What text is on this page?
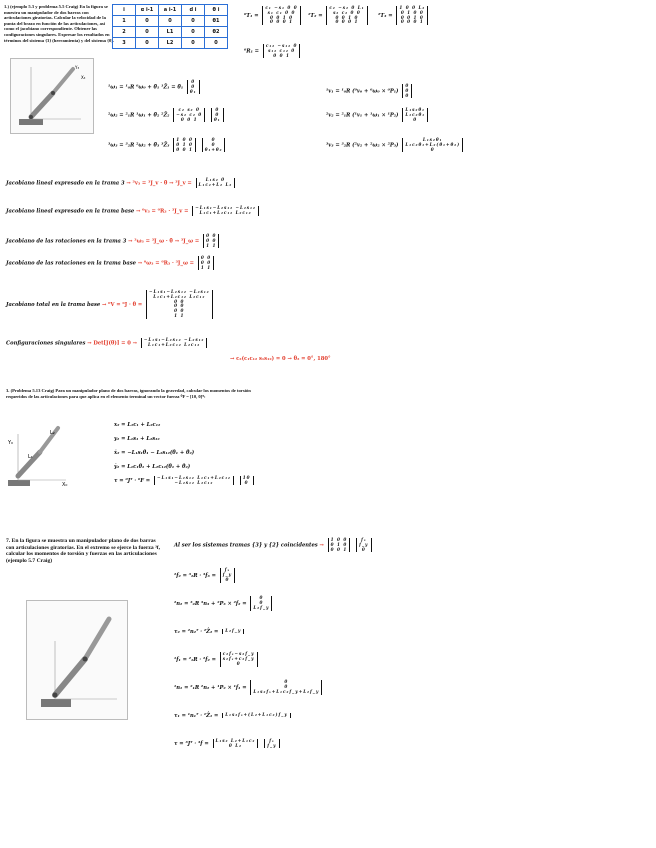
1.) (ejemplo 5.3 y problema 5.5 Craig) En la figura se muestra un manipulador de dos barras con articulaciones giratorias. Calcular la velocidad de la punta del brazo en función de las articulaciones, así como el jacobiano correspondiente. Obtener las configuraciones singulares. Expresar los resultados en términos del sistema {3} (herramienta) y del sistema {0}.
Y₃
X₃
i	α i-1	a i-1	d i	θ i
1	0	0	0	θ1
2	0	L1	0	θ2
3	0	L2	0	0
⁰T₁ =
c₁ −s₁ 0 0
s₁ c₁ 0 0
0 0 1 0
0 0 0 1
¹T₂ =
c₂ −s₂ 0 L₁
s₂ c₂ 0 0
0 0 1 0
0 0 0 1
²T₃ =
1 0 0 L₂
0 1 0 0
0 0 1 0
0 0 0 1
⁰R₁ =
c₁₂ −s₁₂ 0
s₁₂ c₁₂ 0
0 0 1
¹ω₁ = ¹₀R ⁰ω₀ + θ̇₁ ¹Ẑ₁ = θ̇₁
0
0
θ̇₁
²ω₂ = ²₁R ¹ω₁ + θ̇₂ ²Ẑ₂
c₂ s₂ 0
−s₂ c₂ 0
0 0 1

0
0
θ̇₁
³ω₃ = ³₂R ²ω₂ + θ̇₃ ³Ẑ₃
1 0 0
0 1 0
0 0 1

0
0
θ̇₁+θ̇₂
¹v₁ = ¹₀R (⁰v₀ + ⁰ω₀ × ⁰P₁)
0
0
0
²v₂ = ²₁R (¹v₁ + ¹ω₁ × ¹P₂)
L₁s₂θ̇₁
L₁c₂θ̇₁
0
³v₃ = ³₂R (²v₂ + ²ω₂ × ²P₃)
L₁s₂θ̇₁
L₁c₂θ̇₁+L₂(θ̇₁+θ̇₂)
0
Jacobiano lineal expresado en la trama 3 → ³v₃ = ³J_v · θ̇ → ³J_v =
L₁s₂ 0
L₁c₂+L₂ L₂
Jacobiano lineal expresado en la trama base → ⁰v₃ = ⁰R₃ · ³J_v =
−L₁s₁−L₂s₁₂ −L₂s₁₂
L₁c₁+L₂c₁₂ L₂c₁₂
Jacobiano de las rotaciones en la trama 3 → ³ω₃ = ³J_ω · θ̇ → ³J_ω =
0 0
0 0
1 1
Jacobiano de las rotaciones en la trama base → ⁰ω₃ = ⁰R₃ · ³J_ω =
0 0
0 0
1 1
Jacobiano total en la trama base → ⁰V = ⁰J · θ̇ =
−L₁s₁−L₂s₁₂ −L₂s₁₂
L₁c₁+L₂c₁₂ L₂c₁₂
0 0
0 0
0 0
1 1
Configuraciones singulares → Det[J(θ)] = 0 →
−L₁s₁−L₂s₁₂ −L₂s₁₂
L₁c₁+L₂c₁₂ L₂c₁₂
→ c₂(c₁c₁₂ s₁s₁₂) = 0 → θ₂ = 0°, 180°
3. (Problema 5.13 Craig) Para un manipulador plano de dos barras, ignorando la gravedad, calcular los momentos de torsión requeridos de las articulaciones para que aplica en el elemento terminal un vector fuerza ⁰F = [10, 0]ᵀ:
Y₀
X₀
L₁
L₂
x₂ = L₁c₁ + L₂c₁₂
y₂ = L₁s₁ + L₂s₁₂
ẋ₂ = −L₁s₁θ̇₁ − L₂s₁₂(θ̇₁ + θ̇₂)
ẏ₂ = L₁c₁θ̇₁ + L₂c₁₂(θ̇₁ + θ̇₂)
τ = ⁰Jᵀ · ⁰F =
−L₁s₁−L₂s₁₂ L₁c₁+L₂c₁₂
−L₂s₁₂ L₂c₁₂

10
0
7. En la figura se muestra un manipulador plano de dos barras con articulaciones giratorias. En el extremo se ejerce la fuerza ³f, calcular los momentos de torsión y fuerzas en las articulaciones (ejemplo 5.7 Craig)
Al ser los sistemas tramas {3} y {2} coincidentes →
1 0 0
0 1 0
0 0 1

fₓ
f_y
0
²f₂ = ³₂R · ³f₃ =
fₓ
f_y
0
²n₂ = ³₂R ³n₃ + ²P₃ × ²f₂ =
0
0
L₂f_y
τ₂ = ²n₂ᵀ · ²Ẑ₂ = L₂f_y
¹f₁ = ²₁R · ²f₂ =
c₂fₓ−s₂f_y
s₂fₓ+c₂f_y
0
¹n₁ = ²₁R ²n₂ + ¹P₂ × ¹f₁ =
0
0
L₁s₂fₓ+L₁c₂f_y+L₂f_y
τ₁ = ¹n₁ᵀ · ¹Ẑ₁ = L₁s₂fₓ+(L₂+L₁c₂)f_y
τ = ³Jᵀ · ³f =
L₁s₂ L₂+L₁c₂
0 L₂

fₓ
f_y
